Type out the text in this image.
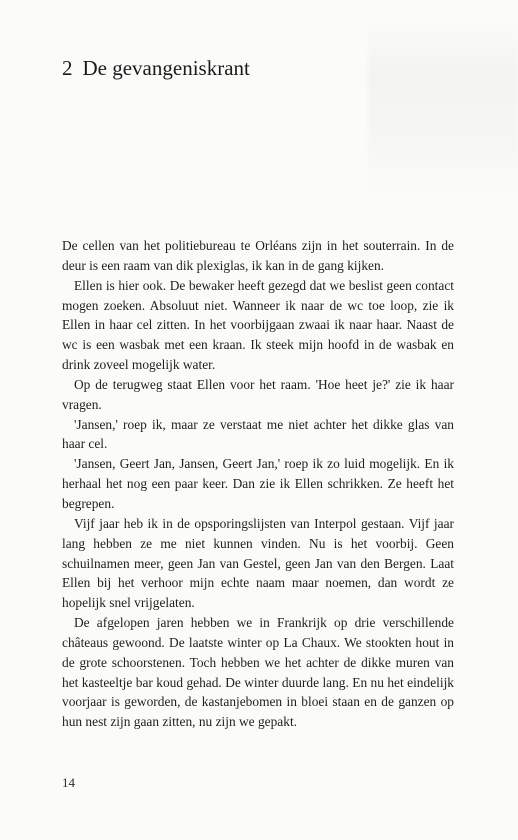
2 De gevangeniskrant

De cellen van het politiebureau te Orléans zijn in het souterrain. In de deur is een raam van dik plexiglas, ik kan in de gang kijken.

Ellen is hier ook. De bewaker heeft gezegd dat we beslist geen contact mogen zoeken. Absoluut niet. Wanneer ik naar de wc toe loop, zie ik Ellen in haar cel zitten. In het voorbijgaan zwaai ik naar haar. Naast de wc is een wasbak met een kraan. Ik steek mijn hoofd in de wasbak en drink zoveel mogelijk water.

Op de terugweg staat Ellen voor het raam. 'Hoe heet je?' zie ik haar vragen.

'Jansen,' roep ik, maar ze verstaat me niet achter het dikke glas van haar cel.

'Jansen, Geert Jan, Jansen, Geert Jan,' roep ik zo luid mogelijk. En ik herhaal het nog een paar keer. Dan zie ik Ellen schrikken. Ze heeft het begrepen.

Vijf jaar heb ik in de opsporingslijsten van Interpol gestaan. Vijf jaar lang hebben ze me niet kunnen vinden. Nu is het voorbij. Geen schuilnamen meer, geen Jan van Gestel, geen Jan van den Bergen. Laat Ellen bij het verhoor mijn echte naam maar noemen, dan wordt ze hopelijk snel vrijgelaten.

De afgelopen jaren hebben we in Frankrijk op drie verschillende châteaus gewoond. De laatste winter op La Chaux. We stookten hout in de grote schoorstenen. Toch hebben we het achter de dikke muren van het kasteeltje bar koud gehad. De winter duurde lang. En nu het eindelijk voorjaar is geworden, de kastanjebomen in bloei staan en de ganzen op hun nest zijn gaan zitten, nu zijn we gepakt.

14
